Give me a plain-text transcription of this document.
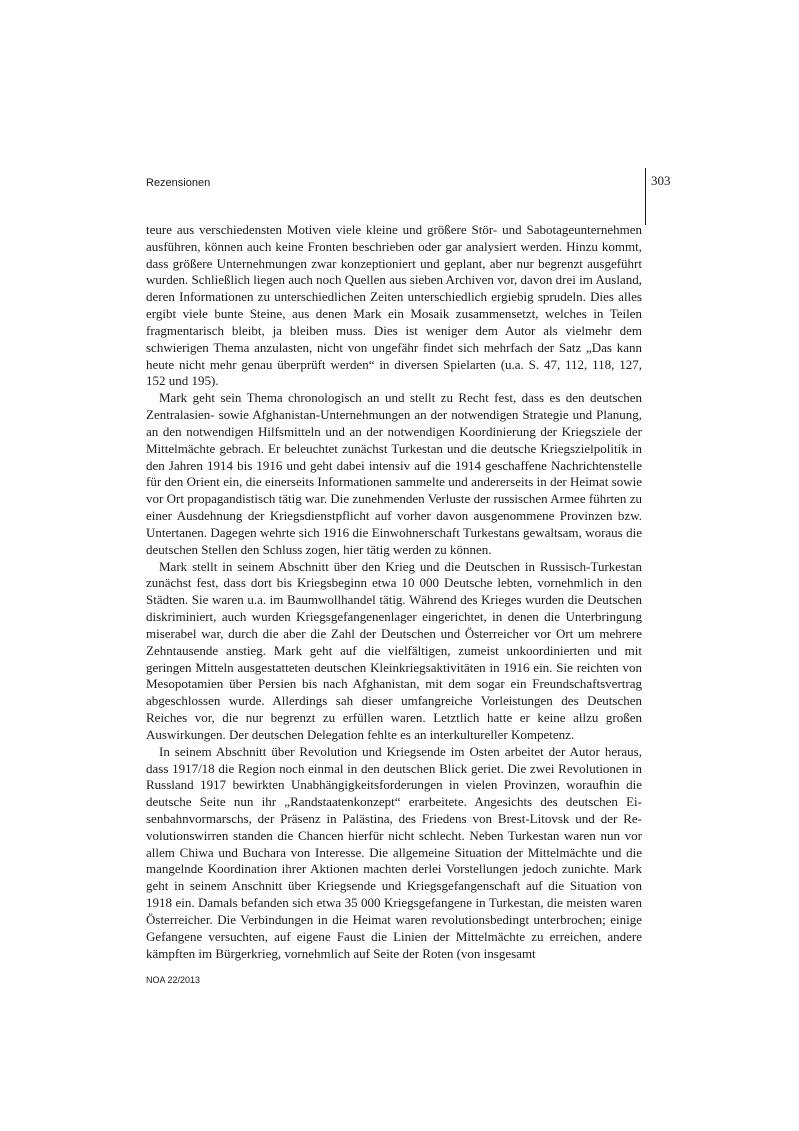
Rezensionen	303

teure aus verschiedensten Motiven viele kleine und größere Stör- und Sabotageunternehmen ausführen, können auch keine Fronten beschrieben oder gar analysiert werden. Hinzu kommt, dass größere Unternehmungen zwar konzeptioniert und geplant, aber nur begrenzt ausgeführt wurden. Schließlich liegen auch noch Quellen aus sieben Archiven vor, davon drei im Ausland, deren Informationen zu unterschiedlichen Zeiten unterschiedlich ergiebig sprudeln. Dies alles ergibt viele bunte Steine, aus denen Mark ein Mosaik zusammensetzt, welches in Teilen fragmentarisch bleibt, ja bleiben muss. Dies ist weniger dem Autor als vielmehr dem schwierigen Thema anzulasten, nicht von ungefähr findet sich mehrfach der Satz „Das kann heute nicht mehr genau überprüft werden“ in diversen Spielarten (u.a. S. 47, 112, 118, 127, 152 und 195).

Mark geht sein Thema chronologisch an und stellt zu Recht fest, dass es den deutschen Zentralasien- sowie Afghanistan-Unternehmungen an der notwendigen Strategie und Planung, an den notwendigen Hilfsmitteln und an der notwendigen Koordinierung der Kriegsziele der Mittelmächte gebrach. Er beleuchtet zunächst Turkestan und die deutsche Kriegszielpolitik in den Jahren 1914 bis 1916 und geht dabei intensiv auf die 1914 geschaffene Nachrichtenstelle für den Orient ein, die einerseits Informationen sammelte und andererseits in der Heimat sowie vor Ort propagandistisch tätig war. Die zunehmenden Verluste der russischen Armee führten zu einer Ausdehnung der Kriegsdienstpflicht auf vorher davon ausgenommene Provinzen bzw. Untertanen. Dagegen wehrte sich 1916 die Einwohnerschaft Turkestans gewaltsam, woraus die deutschen Stellen den Schluss zogen, hier tätig werden zu können.

Mark stellt in seinem Abschnitt über den Krieg und die Deutschen in Russisch-Turkestan zunächst fest, dass dort bis Kriegsbeginn etwa 10 000 Deutsche lebten, vornehmlich in den Städten. Sie waren u.a. im Baumwollhandel tätig. Während des Krieges wurden die Deutschen diskriminiert, auch wurden Kriegsgefangenenlager eingerichtet, in denen die Unterbringung miserabel war, durch die aber die Zahl der Deutschen und Österreicher vor Ort um mehrere Zehntausende anstieg. Mark geht auf die vielfältigen, zumeist unkoordinierten und mit geringen Mitteln ausgestatteten deutschen Kleinkriegsaktivitäten in 1916 ein. Sie reichten von Mesopotamien über Persien bis nach Afghanistan, mit dem sogar ein Freundschaftsvertrag abgeschlossen wurde. Allerdings sah dieser umfangreiche Vorleistungen des Deutschen Reiches vor, die nur begrenzt zu erfüllen waren. Letztlich hatte er keine allzu großen Auswirkungen. Der deutschen Delegation fehlte es an interkultureller Kompetenz.

In seinem Abschnitt über Revolution und Kriegsende im Osten arbeitet der Autor heraus, dass 1917/18 die Region noch einmal in den deutschen Blick geriet. Die zwei Revolutionen in Russland 1917 bewirkten Unabhängigkeitsforderungen in vielen Provinzen, woraufhin die deutsche Seite nun ihr „Randstaatenkonzept“ erarbeitete. Angesichts des deutschen Eisenbahnvormarschs, der Präsenz in Palästina, des Friedens von Brest-Litovsk und der Revolutionswirren standen die Chancen hierfür nicht schlecht. Neben Turkestan waren nun vor allem Chiwa und Buchara von Interesse. Die allgemeine Situation der Mittelmächte und die mangelnde Koordination ihrer Aktionen machten derlei Vorstellungen jedoch zunichte. Mark geht in seinem Anschnitt über Kriegsende und Kriegsgefangenschaft auf die Situation von 1918 ein. Damals befanden sich etwa 35 000 Kriegsgefangene in Turkestan, die meisten waren Österreicher. Die Verbindungen in die Heimat waren revolutionsbedingt unterbrochen; einige Gefangene versuchten, auf eigene Faust die Linien der Mittelmächte zu erreichen, andere kämpften im Bürgerkrieg, vornehmlich auf Seite der Roten (von insgesamt

NOA 22/2013
